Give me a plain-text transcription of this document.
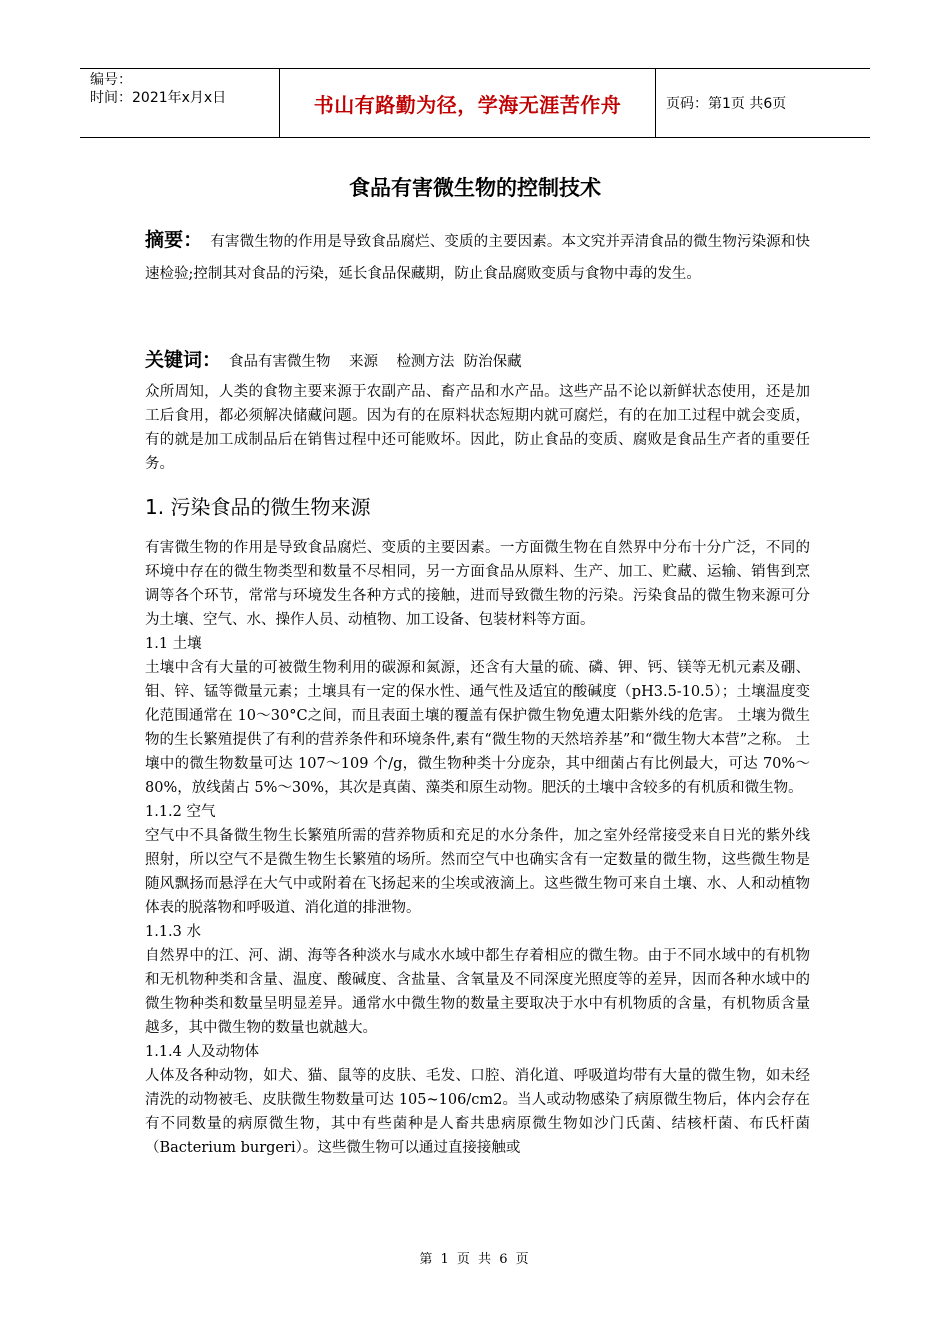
编号：
时间：2021年x月x日	书山有路勤为径，学海无涯苦作舟	页码：第1页 共6页
食品有害微生物的控制技术

摘要： 有害微生物的作用是导致食品腐烂、变质的主要因素。本文究并弄清食品的微生物污染源和快速检验;控制其对食品的污染，延长食品保藏期，防止食品腐败变质与食物中毒的发生。

关键词： 食品有害微生物    来源    检测方法  防治保藏

众所周知，人类的食物主要来源于农副产品、畜产品和水产品。这些产品不论以新鲜状态使用，还是加工后食用，都必须解决储藏问题。因为有的在原料状态短期内就可腐烂，有的在加工过程中就会变质，有的就是加工成制品后在销售过程中还可能败坏。因此，防止食品的变质、腐败是食品生产者的重要任务。

1. 污染食品的微生物来源

有害微生物的作用是导致食品腐烂、变质的主要因素。一方面微生物在自然界中分布十分广泛，不同的环境中存在的微生物类型和数量不尽相同，另一方面食品从原料、生产、加工、贮藏、运输、销售到烹调等各个环节，常常与环境发生各种方式的接触，进而导致微生物的污染。污染食品的微生物来源可分为土壤、空气、水、操作人员、动植物、加工设备、包装材料等方面。

1.1 土壤

土壤中含有大量的可被微生物利用的碳源和氮源，还含有大量的硫、磷、钾、钙、镁等无机元素及硼、钼、锌、锰等微量元素；土壤具有一定的保水性、通气性及适宜的酸碱度（pH3.5-10.5）；土壤温度变化范围通常在 10～30°C之间，而且表面土壤的覆盖有保护微生物免遭太阳紫外线的危害。 土壤为微生物的生长繁殖提供了有利的营养条件和环境条件,素有“微生物的天然培养基”和“微生物大本营”之称。 土壤中的微生物数量可达 107～109 个/g，微生物种类十分庞杂，其中细菌占有比例最大，可达 70%～80%，放线菌占 5%～30%，其次是真菌、藻类和原生动物。肥沃的土壤中含较多的有机质和微生物。

1.1.2 空气

空气中不具备微生物生长繁殖所需的营养物质和充足的水分条件，加之室外经常接受来自日光的紫外线照射，所以空气不是微生物生长繁殖的场所。然而空气中也确实含有一定数量的微生物，这些微生物是随风飘扬而悬浮在大气中或附着在飞扬起来的尘埃或液滴上。这些微生物可来自土壤、水、人和动植物体表的脱落物和呼吸道、消化道的排泄物。

1.1.3 水

自然界中的江、河、湖、海等各种淡水与咸水水域中都生存着相应的微生物。由于不同水域中的有机物和无机物种类和含量、温度、酸碱度、含盐量、含氧量及不同深度光照度等的差异，因而各种水域中的微生物种类和数量呈明显差异。通常水中微生物的数量主要取决于水中有机物质的含量，有机物质含量越多，其中微生物的数量也就越大。

1.1.4 人及动物体

人体及各种动物，如犬、猫、鼠等的皮肤、毛发、口腔、消化道、呼吸道均带有大量的微生物，如未经清洗的动物被毛、皮肤微生物数量可达 105~106/cm2。当人或动物感染了病原微生物后，体内会存在有不同数量的病原微生物，其中有些菌种是人畜共患病原微生物如沙门氏菌、结核杆菌、布氏杆菌（Bacterium burgeri）。这些微生物可以通过直接接触或

第 1 页 共 6 页
